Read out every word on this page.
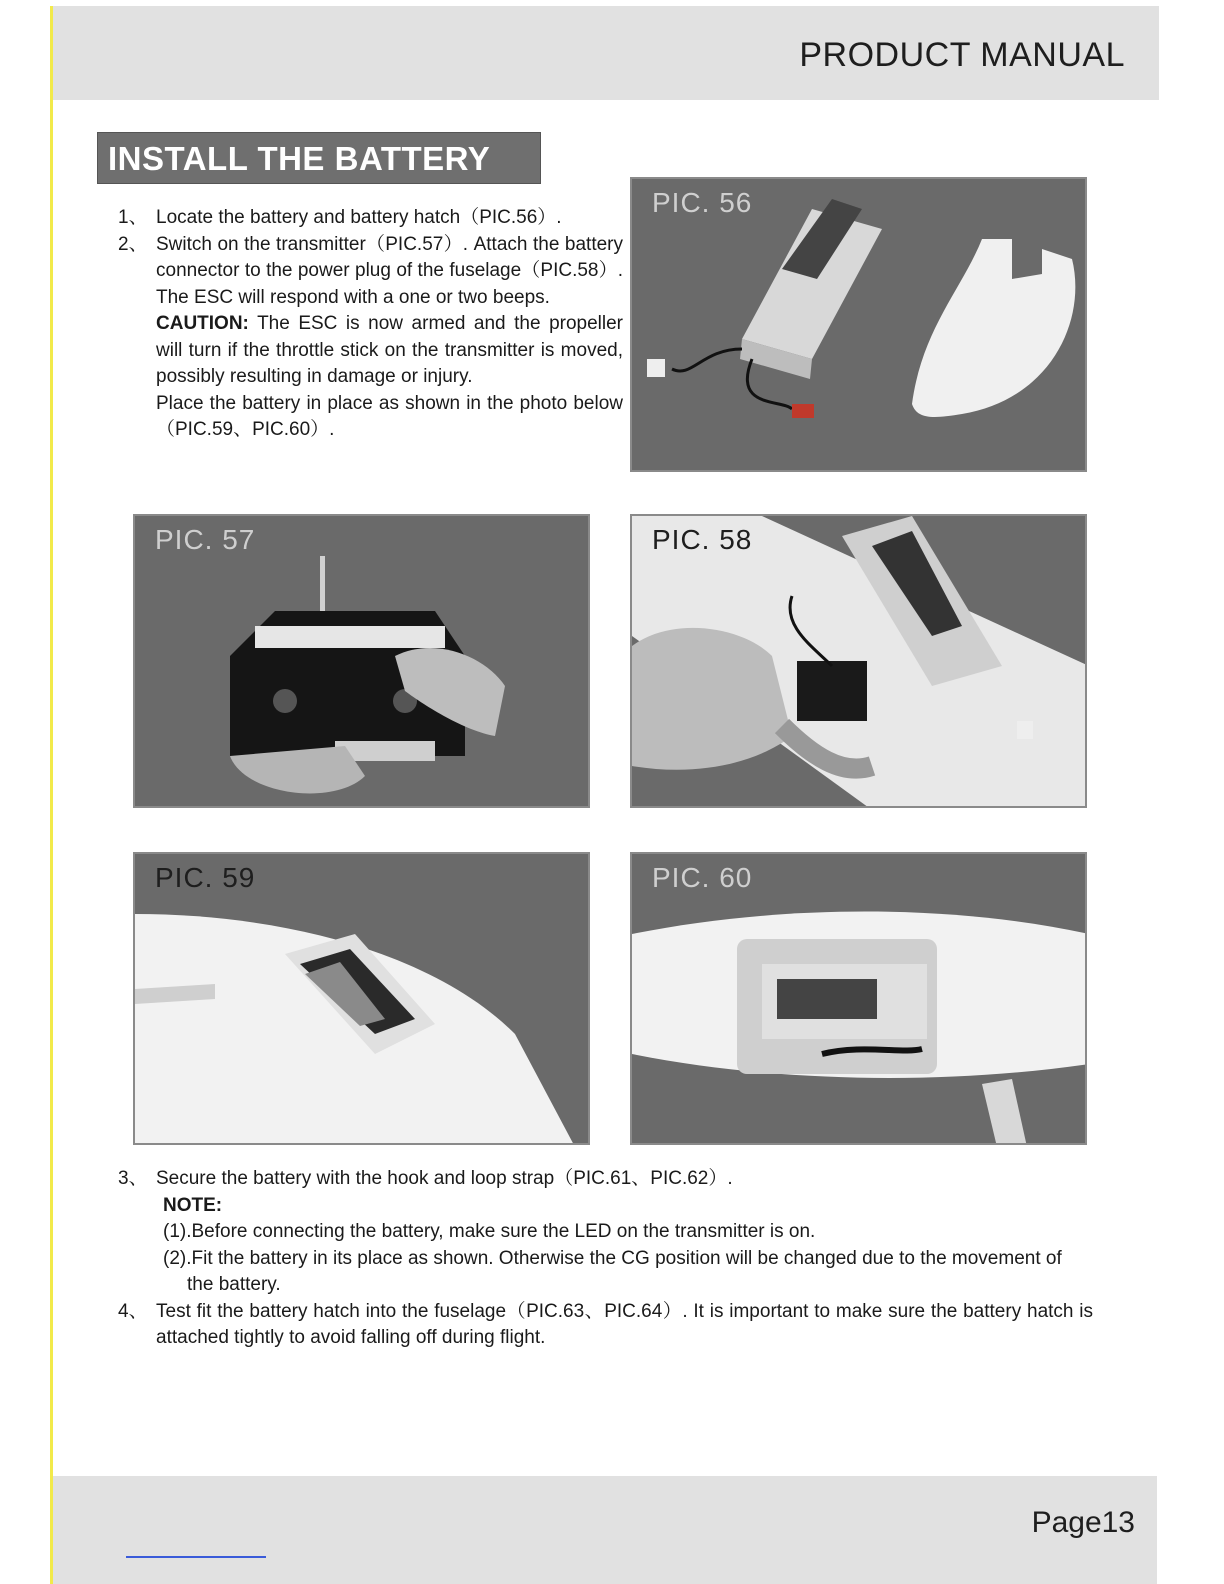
PRODUCT MANUAL
INSTALL THE BATTERY
1、 Locate the battery and battery hatch（PIC.56）.
2、 Switch on the transmitter（PIC.57）. Attach the battery connector to the power plug of the fuselage（PIC.58）. The ESC will respond with a one or two beeps.
CAUTION: The ESC is now armed and the propeller will turn if the throttle stick on the transmitter is moved, possibly resulting in damage or injury.
Place the battery in place as shown in the photo below（PIC.59、PIC.60）.
PIC. 56
PIC. 57	PIC. 58
PIC. 59	PIC. 60
3、 Secure the battery with the hook and loop strap（PIC.61、PIC.62）.
NOTE:
(1).Before connecting the battery, make sure the LED on the transmitter is on.
(2).Fit the battery in its place as shown. Otherwise the CG position will be changed due to the movement of the battery.
4、 Test fit the battery hatch into the fuselage（PIC.63、PIC.64）. It is important to make sure the battery hatch is attached tightly to avoid falling off during flight.
Page13
